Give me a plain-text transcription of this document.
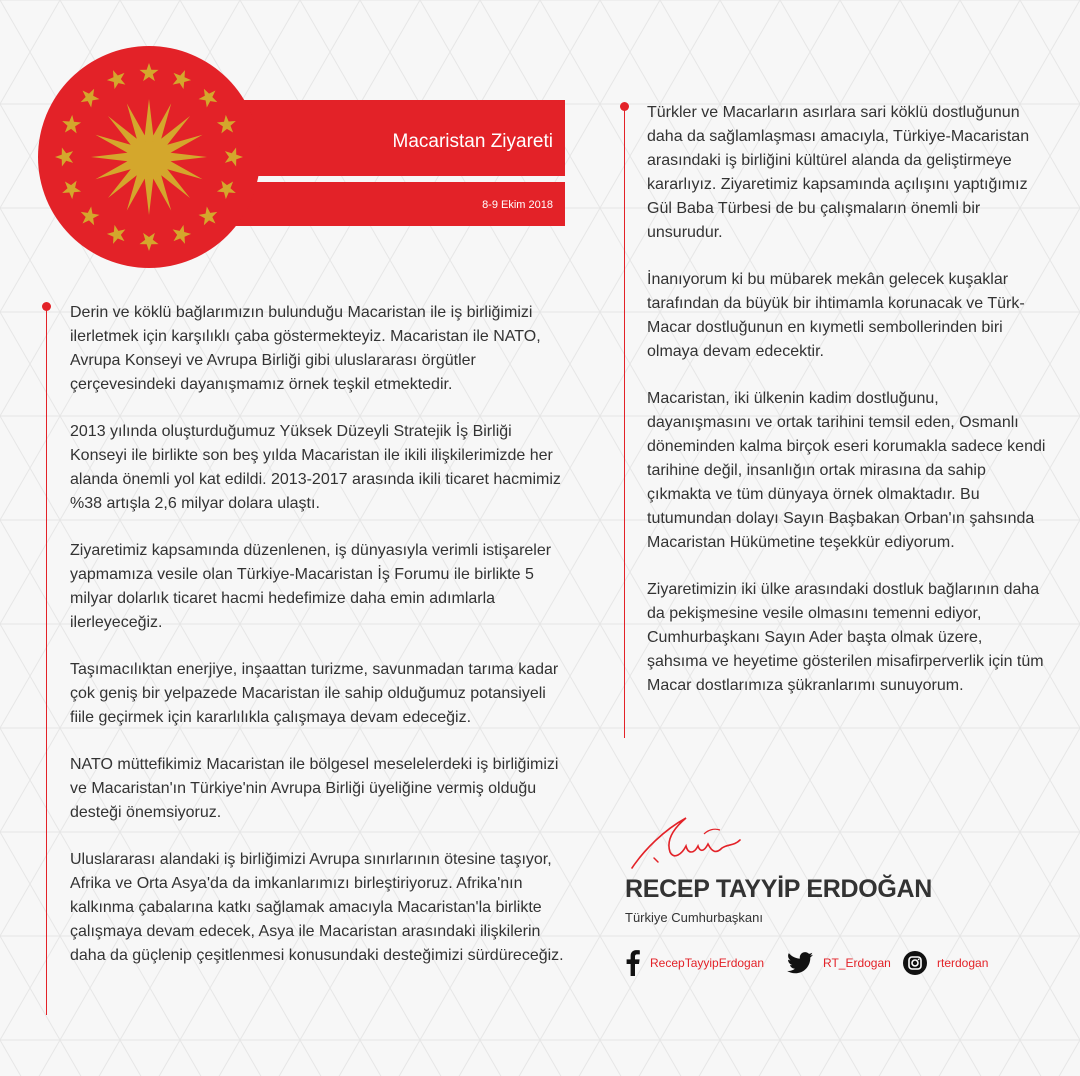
Macaristan Ziyareti
8-9 Ekim 2018

Derin ve köklü bağlarımızın bulunduğu Macaristan ile iş birliğimizi ilerletmek için karşılıklı çaba göstermekteyiz. Macaristan ile NATO, Avrupa Konseyi ve Avrupa Birliği gibi uluslararası örgütler çerçevesindeki dayanışmamız örnek teşkil etmektedir.

2013 yılında oluşturduğumuz Yüksek Düzeyli Stratejik İş Birliği Konseyi ile birlikte son beş yılda Macaristan ile ikili ilişkilerimizde her alanda önemli yol kat edildi. 2013-2017 arasında ikili ticaret hacmimiz %38 artışla 2,6 milyar dolara ulaştı.

Ziyaretimiz kapsamında düzenlenen, iş dünyasıyla verimli istişareler yapmamıza vesile olan Türkiye-Macaristan İş Forumu ile birlikte 5 milyar dolarlık ticaret hacmi hedefimize daha emin adımlarla ilerleyeceğiz.

Taşımacılıktan enerjiye, inşaattan turizme, savunmadan tarıma kadar çok geniş bir yelpazede Macaristan ile sahip olduğumuz potansiyeli fiile geçirmek için kararlılıkla çalışmaya devam edeceğiz.

NATO müttefikimiz Macaristan ile bölgesel meselelerdeki iş birliğimizi ve Macaristan'ın Türkiye'nin Avrupa Birliği üyeliğine vermiş olduğu desteği önemsiyoruz.

Uluslararası alandaki iş birliğimizi Avrupa sınırlarının ötesine taşıyor, Afrika ve Orta Asya'da da imkanlarımızı birleştiriyoruz. Afrika'nın kalkınma çabalarına katkı sağlamak amacıyla Macaristan'la birlikte çalışmaya devam edecek, Asya ile Macaristan arasındaki ilişkilerin daha da güçlenip çeşitlenmesi konusundaki desteğimizi sürdüreceğiz.

Türkler ve Macarların asırlara sari köklü dostluğunun daha da sağlamlaşması amacıyla, Türkiye-Macaristan arasındaki iş birliğini kültürel alanda da geliştirmeye kararlıyız. Ziyaretimiz kapsamında açılışını yaptığımız Gül Baba Türbesi de bu çalışmaların önemli bir unsurudur.

İnanıyorum ki bu mübarek mekân gelecek kuşaklar tarafından da büyük bir ihtimamla korunacak ve Türk-Macar dostluğunun en kıymetli sembollerinden biri olmaya devam edecektir.

Macaristan, iki ülkenin kadim dostluğunu, dayanışmasını ve ortak tarihini temsil eden, Osmanlı döneminden kalma birçok eseri korumakla sadece kendi tarihine değil, insanlığın ortak mirasına da sahip çıkmakta ve tüm dünyaya örnek olmaktadır. Bu tutumundan dolayı Sayın Başbakan Orban'ın şahsında Macaristan Hükümetine teşekkür ediyorum.

Ziyaretimizin iki ülke arasındaki dostluk bağlarının daha da pekişmesine vesile olmasını temenni ediyor, Cumhurbaşkanı Sayın Ader başta olmak üzere, şahsıma ve heyetime gösterilen misafirperverlik için tüm Macar dostlarımıza şükranlarımı sunuyorum.

RECEP TAYYİP ERDOĞAN
Türkiye Cumhurbaşkanı
RecepTayyipErdogan	RT_Erdogan	rterdogan
